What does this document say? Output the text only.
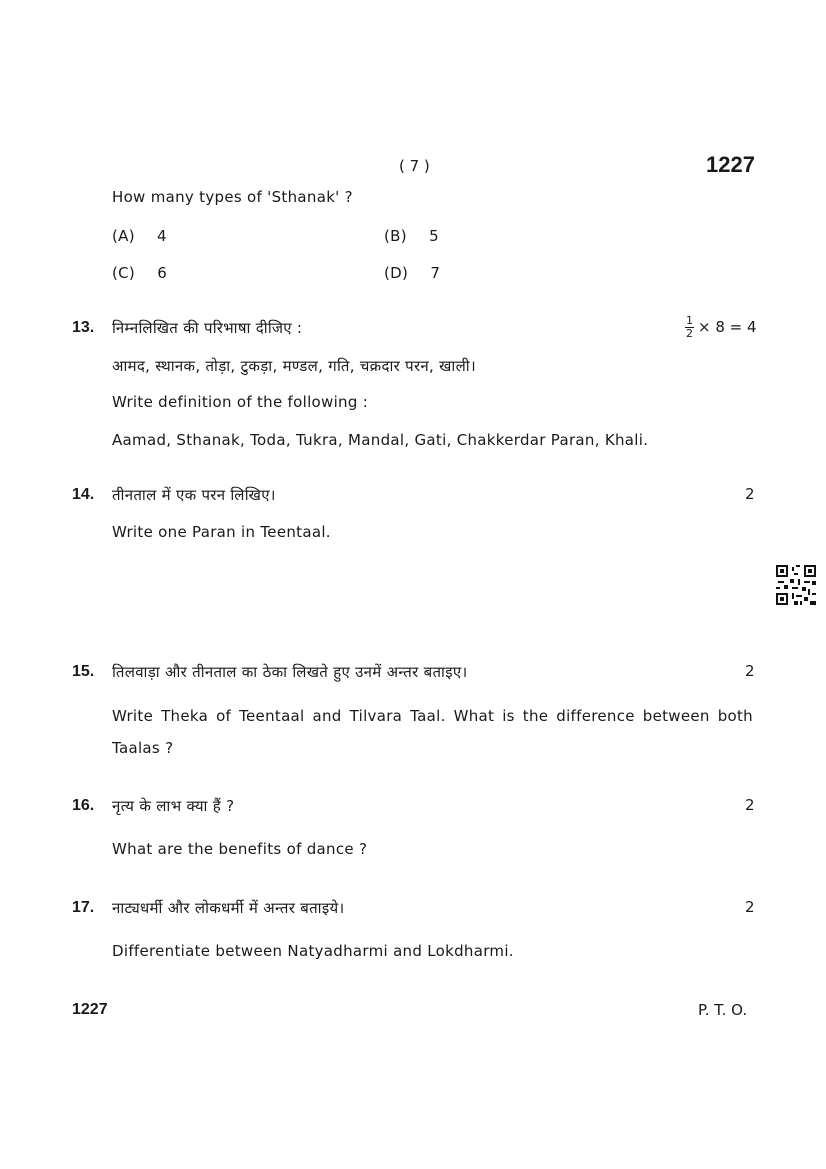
( 7 )	1227
How many types of 'Sthanak' ?
(A) 4	(B) 5
(C) 6	(D) 7
13. निम्नलिखित की परिभाषा दीजिए :	$\frac{1}{2} \times 8 = 4$
आमद, स्थानक, तोड़ा, टुकड़ा, मण्डल, गति, चक्रदार परन, खाली।
Write definition of the following :
Aamad, Sthanak, Toda, Tukra, Mandal, Gati, Chakkerdar Paran, Khali.
14. तीनताल में एक परन लिखिए।	2
Write one Paran in Teentaal.
15. तिलवाड़ा और तीनताल का ठेका लिखते हुए उनमें अन्तर बताइए।	2
Write Theka of Teentaal and Tilvara Taal. What is the difference between both
Taalas ?
16. नृत्य के लाभ क्या हैं ?	2
What are the benefits of dance ?
17. नाट्यधर्मी और लोकधर्मी में अन्तर बताइये।	2
Differentiate between Natyadharmi and Lokdharmi.
1227	P. T. O.
